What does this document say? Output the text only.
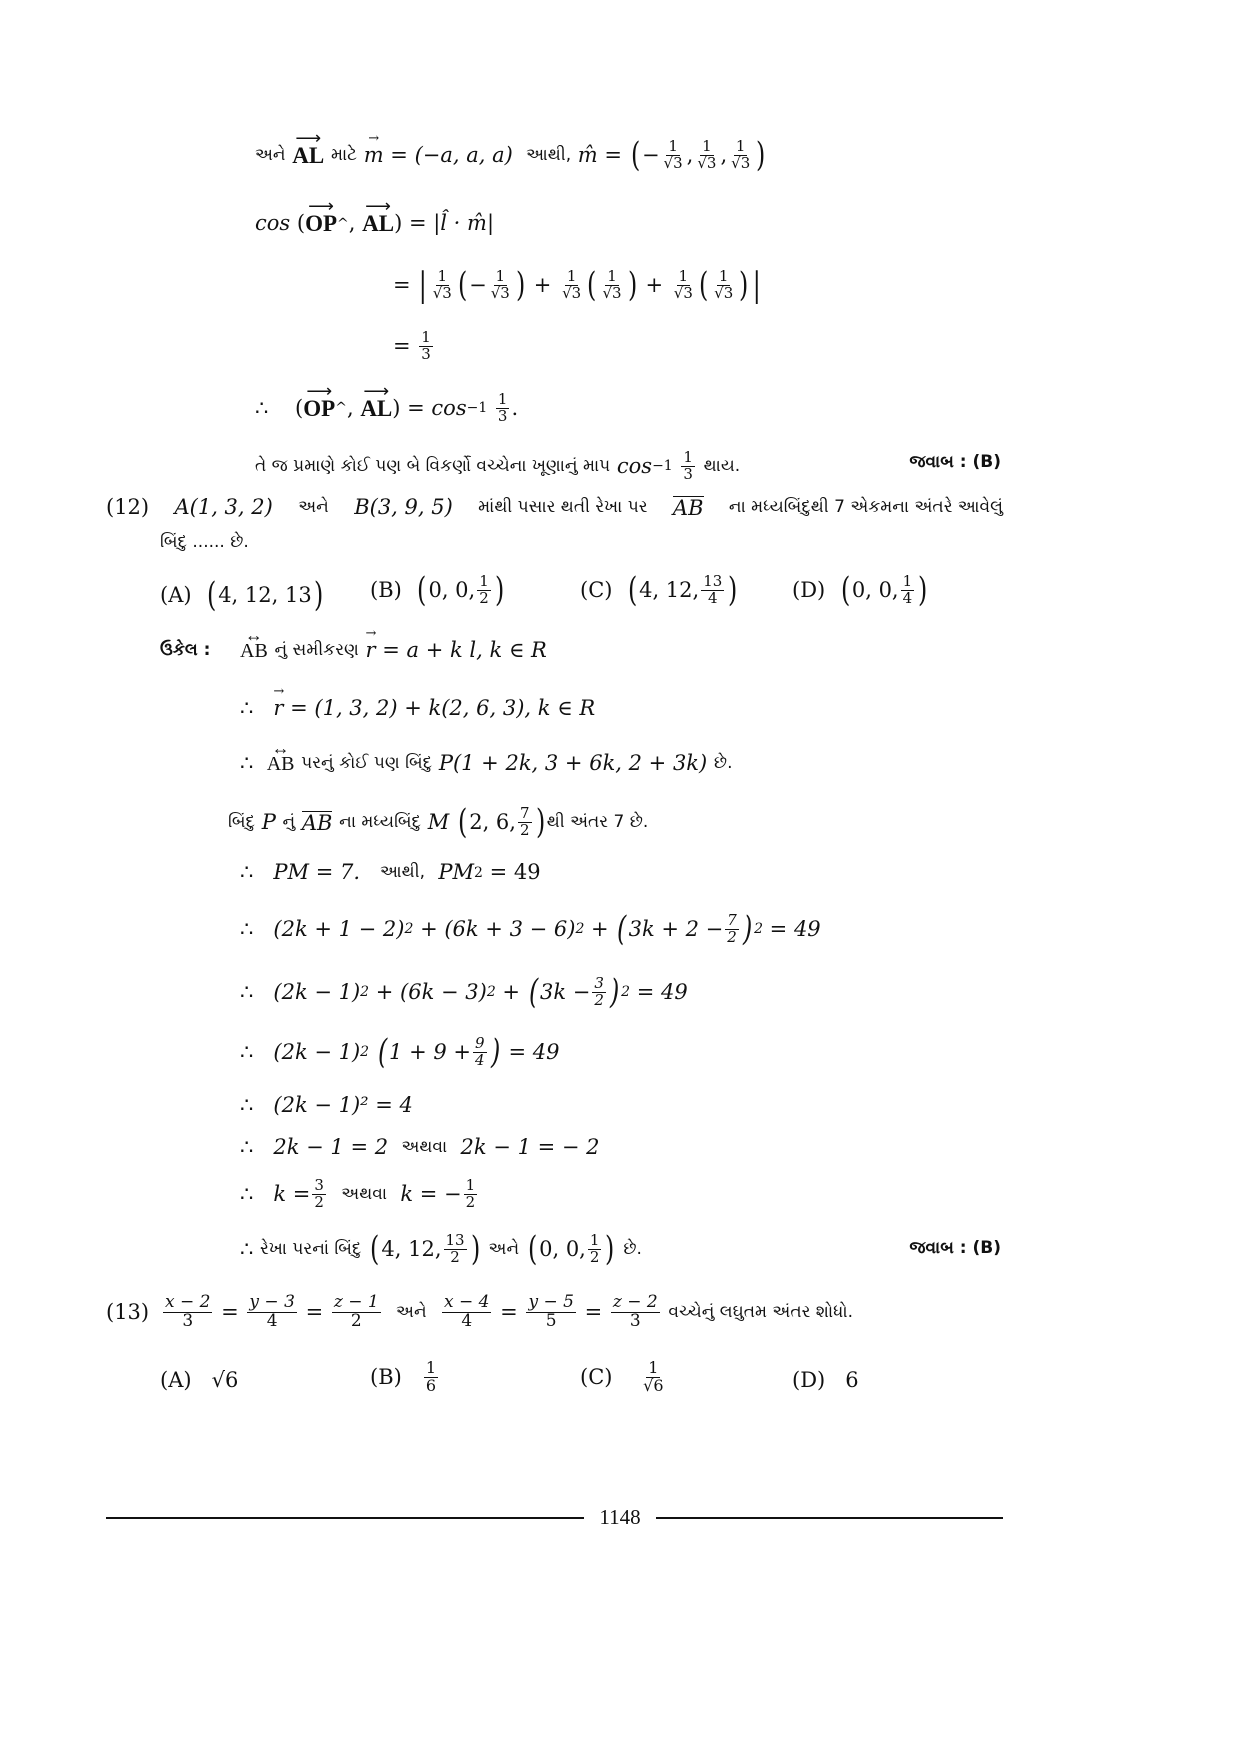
અને

⟶
AL
માટે

→
m
= (−a, a, a)
આથી,
m̂ =
( − $\frac{1}{√3}$ , $\frac{1}{√3}$ , $\frac{1}{√3}$ )
cos (
⟶
OP ^ ,
⟶
AL ) = |l̂ · m̂|
= | $\frac{1}{√3}$ ( − $\frac{1}{√3}$ ) + $\frac{1}{√3}$ ( $\frac{1}{√3}$ ) + $\frac{1}{√3}$ ( $\frac{1}{√3}$ ) |
=
$\frac{1}{3}$
∴    (
⟶
OP ^ ,
⟶
AL ) = cos −1
$\frac{1}{3}$ .
તે જ પ્રમાણે કોઈ પણ બે વિકર્ણો વચ્ચેના ખૂણાનું માપ
cos −1
$\frac{1}{3}$
થાય.	જવાબ : (B)
(12) A(1, 3, 2) અને B(3, 9, 5) માંથી પસાર થતી રેખા પર AB ના મધ્યબિંદુથી 7 એકમના અંતરે આવેલું
બિંદુ ...... છે.
(A)
( 4, 12, 13 ) (B)
( 0, 0, $\frac{1}{2}$ )	(C)
( 4, 12, $\frac{13}{4}$ )	(D)
( 0, 0, $\frac{1}{4}$ )
ઉકેલ :
↔
AB
નું સમીકરણ

→
r
= a + k l, k ∈ R
∴
→
r
= (1, 3, 2) + k(2, 6, 3), k ∈ R
∴
↔
AB
પરનું કોઈ પણ બિંદુ
P(1 + 2k, 3 + 6k, 2 + 3k)
છે.
બિંદુ
P
નું
AB
ના મધ્યબિંદુ
M
( 2, 6, $\frac{7}{2}$ ) થી અંતર 7 છે.
∴ PM = 7.
આથી,
PM 2
= 49
∴ (2k + 1 − 2) 2 + (6k + 3 − 6) 2 + ( $3k + 2 - \frac{7}{2}$ ) 2 = 49
∴ (2k − 1) 2 + (6k − 3) 2 + ( $3k - \frac{3}{2}$ ) 2 = 49
∴ (2k − 1) 2
( $1 + 9 + \frac{9}{4}$ ) = 49
∴ (2k − 1)² = 4
∴ 2k − 1 = 2
અથવા
2k − 1 = − 2
∴ $k = \frac{3}{2}$
અથવા
k = − $\frac{1}{2}$
∴ રેખા પરનાં બિંદુ
( 4, 12, $\frac{13}{2}$ )
અને
( 0, 0, $\frac{1}{2}$ )
છે.	જવાબ : (B)
$(13) \frac{x - 2}{3} = \frac{y - 3}{4} = \frac{z - 1}{2}$
અને
$\frac{x - 4}{4} = \frac{y - 5}{5} = \frac{z - 2}{3}$
વચ્ચેનું લઘુતમ અંતર શોધો.
(A)
√6	(B)
$\frac{1}{6}$	(C)
$\frac{1}{√6}$	(D)
6
1148
